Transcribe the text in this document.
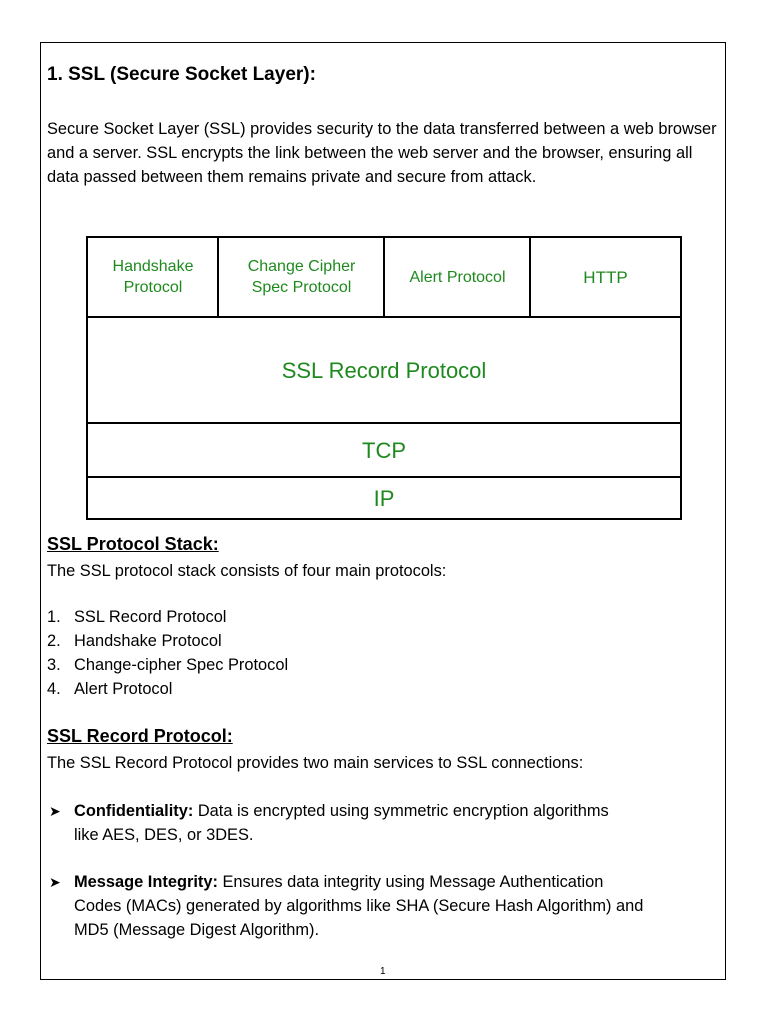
1. SSL (Secure Socket Layer):

Secure Socket Layer (SSL) provides security to the data transferred between a web browser and a server. SSL encrypts the link between the web server and the browser, ensuring all data passed between them remains private and secure from attack.

Handshake
Protocol
Change Cipher
Spec Protocol
Alert Protocol	HTTP
SSL Record Protocol
TCP
IP
SSL Protocol Stack:

The SSL protocol stack consists of four main protocols:

1. SSL Record Protocol
2. Handshake Protocol
3. Change-cipher Spec Protocol
4. Alert Protocol
SSL Record Protocol:

The SSL Record Protocol provides two main services to SSL connections:

➤ Confidentiality: Data is encrypted using symmetric encryption algorithms
like AES, DES, or 3DES.
➤ Message Integrity: Ensures data integrity using Message Authentication
Codes (MACs) generated by algorithms like SHA (Secure Hash Algorithm) and
MD5 (Message Digest Algorithm).
1
